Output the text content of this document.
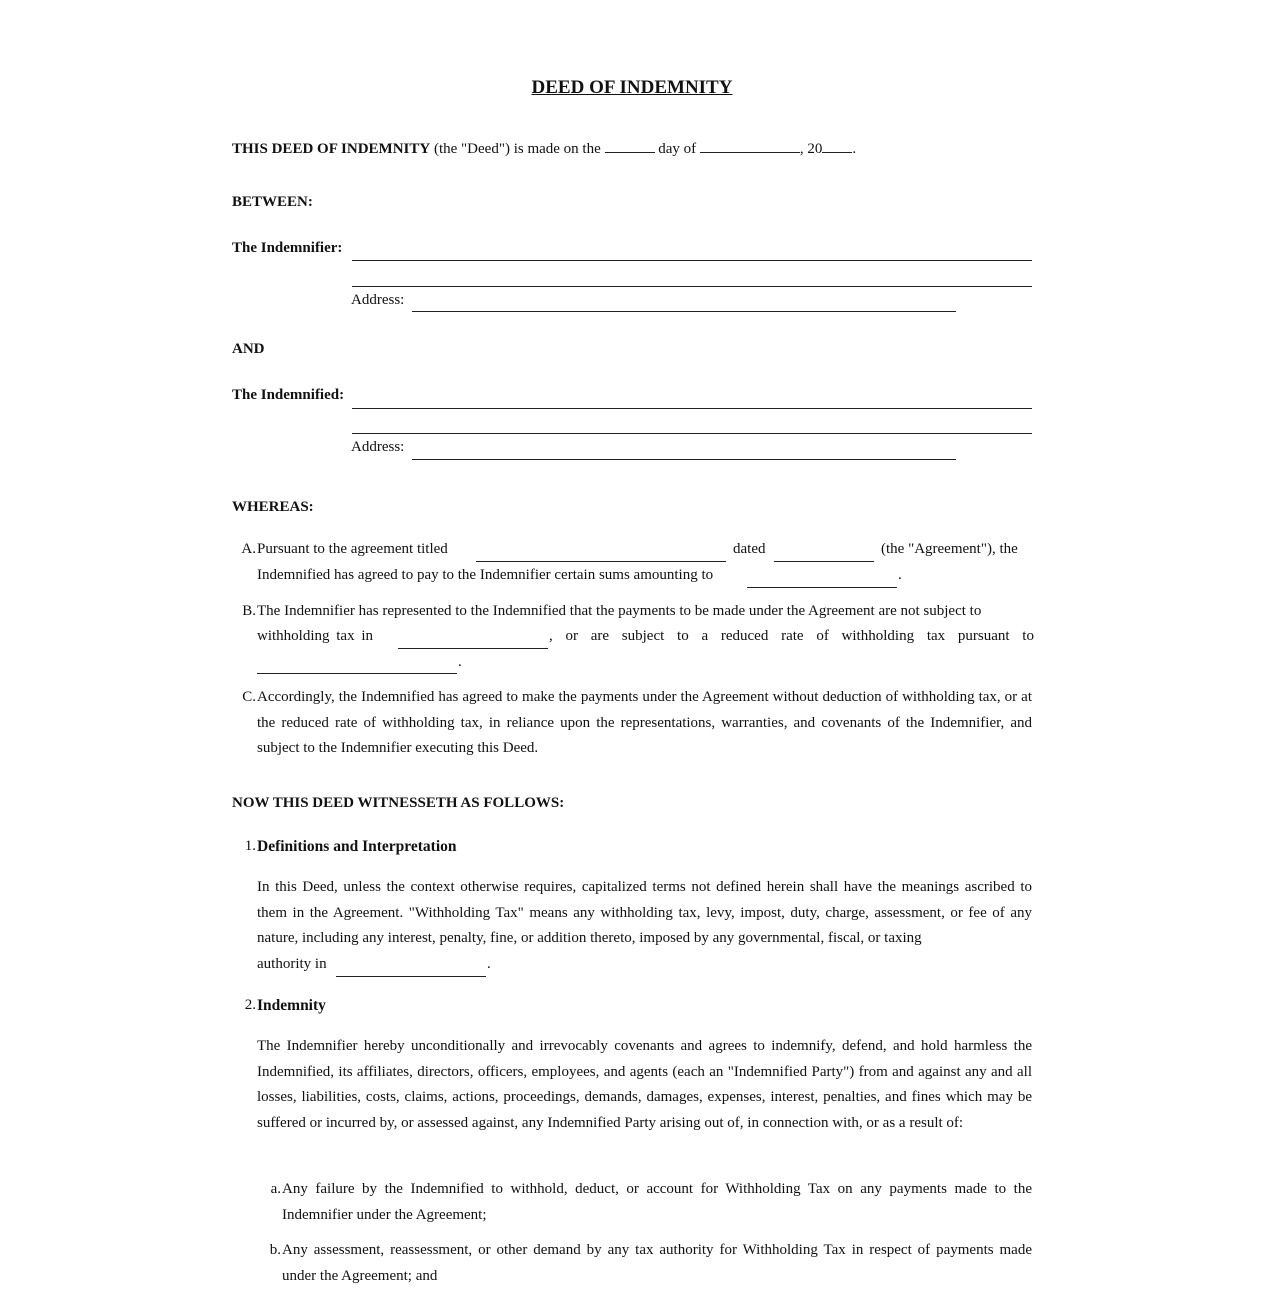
DEED OF INDEMNITY
THIS DEED OF INDEMNITY (the "Deed") is made on the	day of	, 20 .
BETWEEN:
The Indemnifier:
Address:
AND
The Indemnified:
Address:
WHEREAS:
A. Pursuant to the agreement titled	dated	(the "Agreement"), the
Indemnified has agreed to pay to the Indemnifier certain sums amounting to	.
B. The Indemnifier has represented to the Indemnified that the payments to be made under the Agreement are not subject to
withholding tax in	, or are subject to a reduced rate of withholding tax pursuant to
.
C. Accordingly, the Indemnified has agreed to make the payments under the Agreement without deduction of withholding tax, or at the reduced rate of withholding tax, in reliance upon the representations, warranties, and covenants of the Indemnifier, and subject to the Indemnifier executing this Deed.
NOW THIS DEED WITNESSETH AS FOLLOWS:
1. Definitions and Interpretation
In this Deed, unless the context otherwise requires, capitalized terms not defined herein shall have the meanings ascribed to them in the Agreement. "Withholding Tax" means any withholding tax, levy, impost, duty, charge, assessment, or fee of any nature, including any interest, penalty, fine, or addition thereto, imposed by any governmental, fiscal, or taxing
authority in	.
2. Indemnity
The Indemnifier hereby unconditionally and irrevocably covenants and agrees to indemnify, defend, and hold harmless the Indemnified, its affiliates, directors, officers, employees, and agents (each an "Indemnified Party") from and against any and all losses, liabilities, costs, claims, actions, proceedings, demands, damages, expenses, interest, penalties, and fines which may be suffered or incurred by, or assessed against, any Indemnified Party arising out of, in connection with, or as a result of:
a. Any failure by the Indemnified to withhold, deduct, or account for Withholding Tax on any payments made to the Indemnifier under the Agreement;
b. Any assessment, reassessment, or other demand by any tax authority for Withholding Tax in respect of payments made under the Agreement; and
